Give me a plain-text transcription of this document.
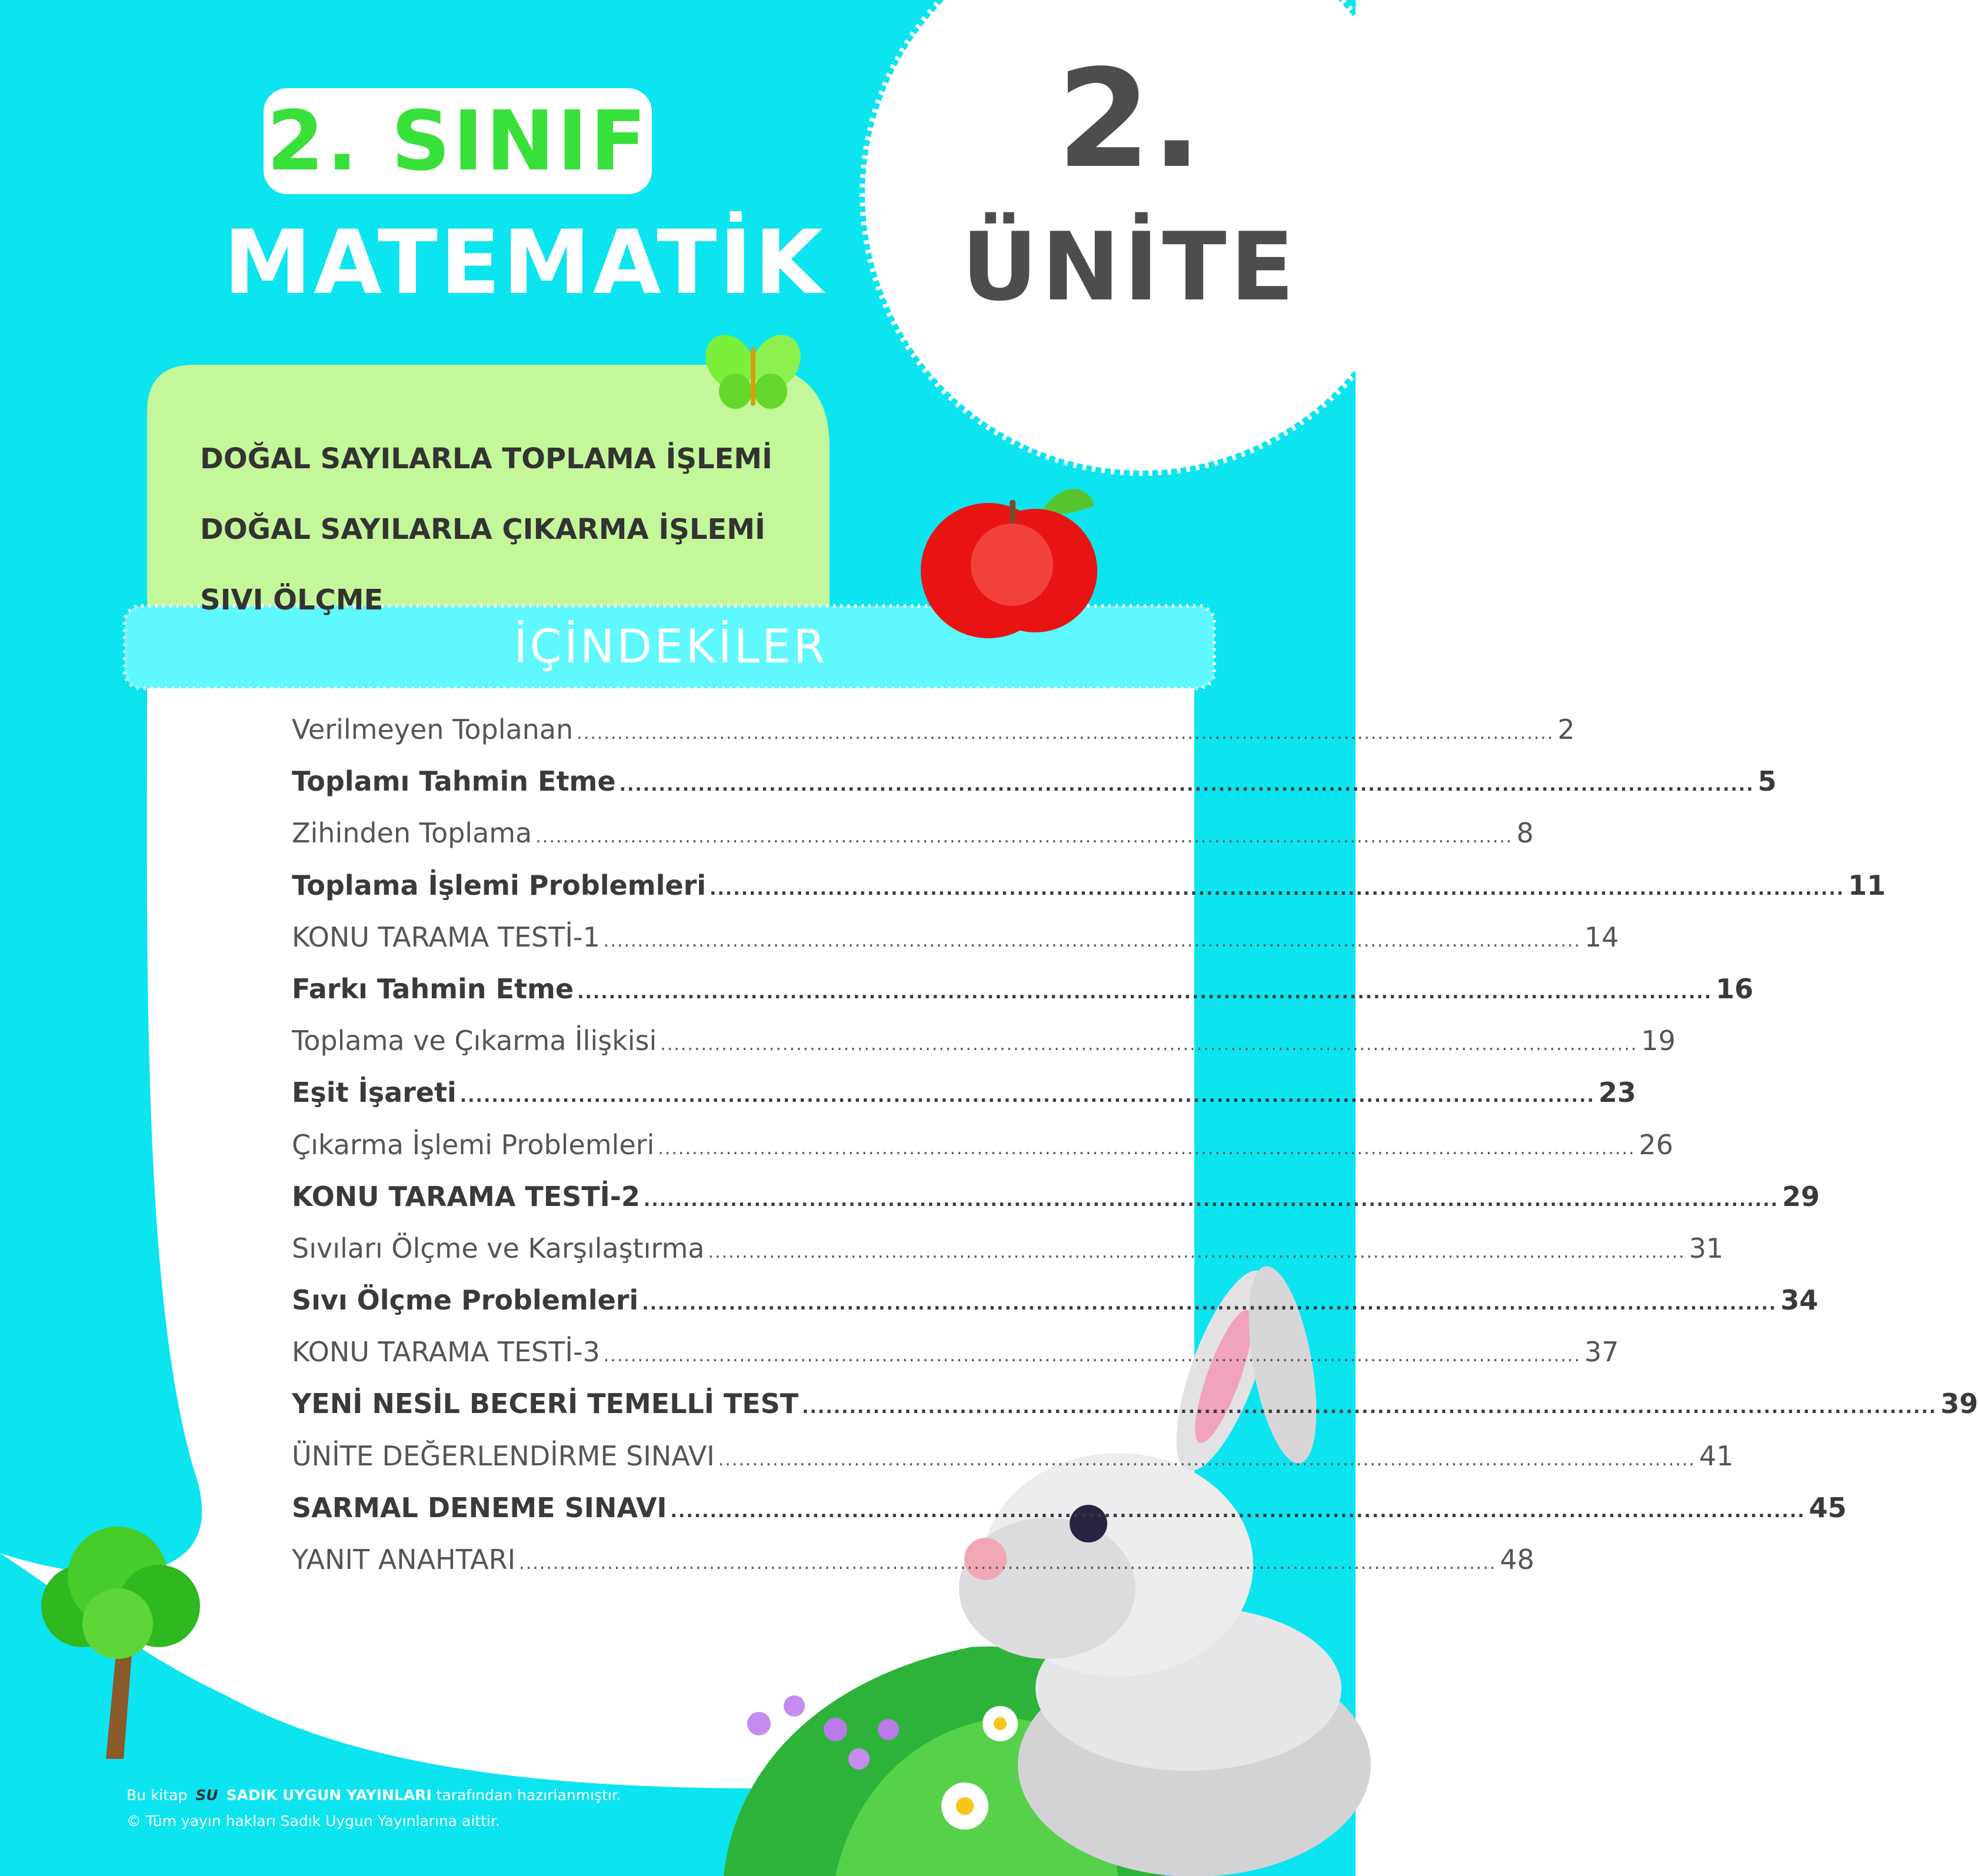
2. SINIF
MATEMATİK
2.
ÜNİTE
DOĞAL SAYILARLA TOPLAMA İŞLEMİ
DOĞAL SAYILARLA ÇIKARMA İŞLEMİ
SIVI ÖLÇME
İÇİNDEKİLER
Verilmeyen Toplanan ................................................................................................................................................ 2
Toplamı Tahmin Etme ................................................................................................................................................ 5
Zihinden Toplama ................................................................................................................................................ 8
Toplama İşlemi Problemleri ................................................................................................................................................ 11
KONU TARAMA TESTİ-1 ................................................................................................................................................ 14
Farkı Tahmin Etme ................................................................................................................................................ 16
Toplama ve Çıkarma İlişkisi ................................................................................................................................................ 19
Eşit İşareti ................................................................................................................................................ 23
Çıkarma İşlemi Problemleri ................................................................................................................................................ 26
KONU TARAMA TESTİ-2 ................................................................................................................................................ 29
Sıvıları Ölçme ve Karşılaştırma ................................................................................................................................................ 31
Sıvı Ölçme Problemleri ................................................................................................................................................ 34
KONU TARAMA TESTİ-3 ................................................................................................................................................ 37
YENİ NESİL BECERİ TEMELLİ TEST ................................................................................................................................................ 39
ÜNİTE DEĞERLENDİRME SINAVI ................................................................................................................................................ 41
SARMAL DENEME SINAVI ................................................................................................................................................ 45
YANIT ANAHTARI ................................................................................................................................................ 48
Bu kitap SU SADIK UYGUN YAYINLARI tarafından hazırlanmıştır.
© Tüm yayın hakları Sadık Uygun Yayınlarına aittir.
